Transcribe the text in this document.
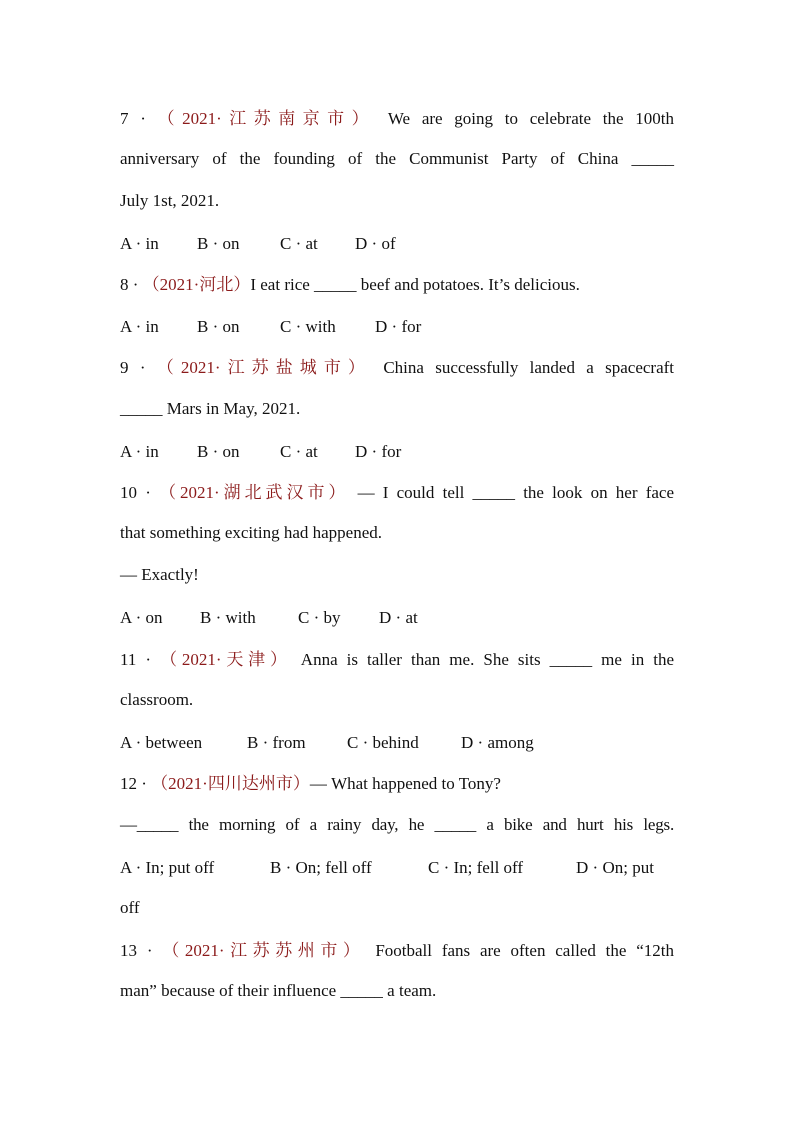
7 · （2021·江苏南京市） We are going to celebrate the 100th
anniversary of the founding of the Communist Party of China _____
July 1st, 2021.
A · in	B · on	C · at	D · of
8 · （2021·河北）I eat rice _____ beef and potatoes. It’s delicious.
A · in	B · on	C · with	D · for
9 · （2021·江苏盐城市） China successfully landed a spacecraft
_____ Mars in May, 2021.
A · in	B · on	C · at	D · for
10 · （2021·湖北武汉市） — I could tell _____ the look on her face
that something exciting had happened.
— Exactly!
A · on	B · with	C · by	D · at
11 · （2021·天津） Anna is taller than me. She sits _____ me in the
classroom.
A · between	B · from	C · behind	D · among
12 · （2021·四川达州市）— What happened to Tony?
—_____ the morning of a rainy day, he _____ a bike and hurt his legs.
A · In; put off	B · On; fell off	C · In; fell off	D · On; put
off
13 · （2021·江苏苏州市） Football fans are often called the “12th
man” because of their influence _____ a team.
